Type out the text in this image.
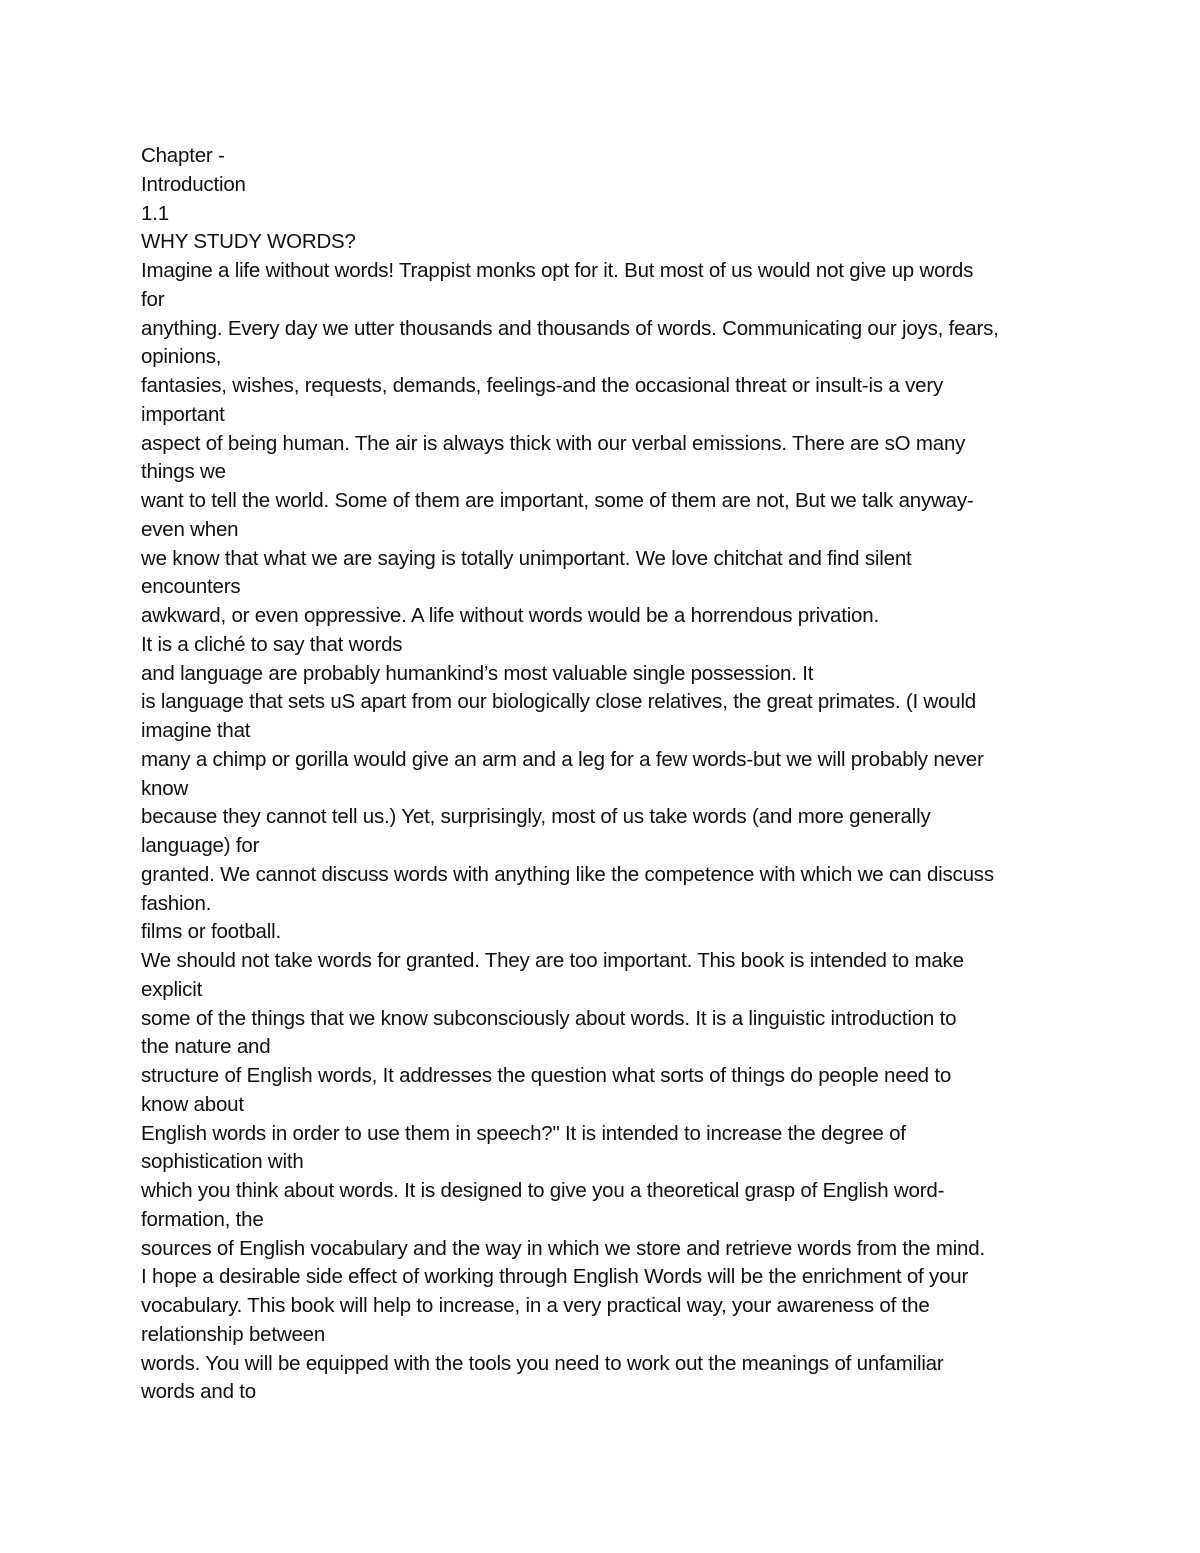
Chapter -
Introduction
1.1
WHY STUDY WORDS?
Imagine a life without words! Trappist monks opt for it. But most of us would not give up words
for
anything. Every day we utter thousands and thousands of words. Communicating our joys, fears,
opinions,
fantasies, wishes, requests, demands, feelings-and the occasional threat or insult-is a very
important
aspect of being human. The air is always thick with our verbal emissions. There are sO many
things we
want to tell the world. Some of them are important, some of them are not, But we talk anyway-
even when
we know that what we are saying is totally unimportant. We love chitchat and find silent
encounters
awkward, or even oppressive. A life without words would be a horrendous privation.
It is a cliché to say that words
and language are probably humankind’s most valuable single possession. It
is language that sets uS apart from our biologically close relatives, the great primates. (I would
imagine that
many a chimp or gorilla would give an arm and a leg for a few words-but we will probably never
know
because they cannot tell us.) Yet, surprisingly, most of us take words (and more generally
language) for
granted. We cannot discuss words with anything like the competence with which we can discuss
fashion.
films or football.
We should not take words for granted. They are too important. This book is intended to make
explicit
some of the things that we know subconsciously about words. It is a linguistic introduction to
the nature and
structure of English words, It addresses the question what sorts of things do people need to
know about
English words in order to use them in speech?" It is intended to increase the degree of
sophistication with
which you think about words. It is designed to give you a theoretical grasp of English word-
formation, the
sources of English vocabulary and the way in which we store and retrieve words from the mind.
I hope a desirable side effect of working through English Words will be the enrichment of your
vocabulary. This book will help to increase, in a very practical way, your awareness of the
relationship between
words. You will be equipped with the tools you need to work out the meanings of unfamiliar
words and to
